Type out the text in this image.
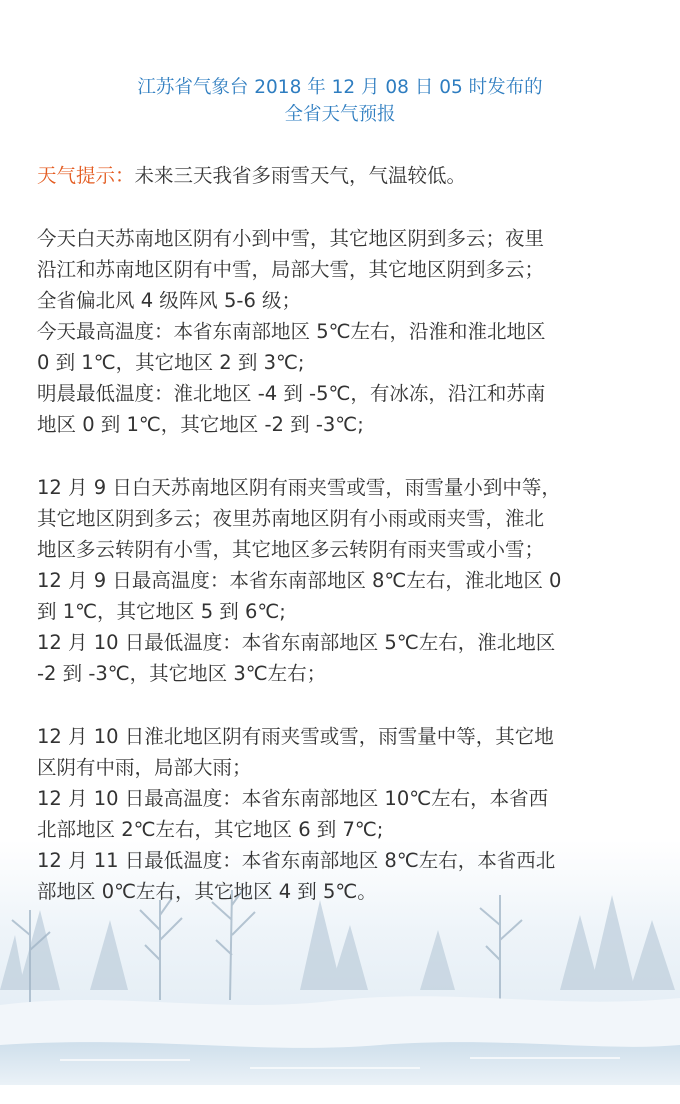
江苏省气象台 2018 年 12 月 08 日 05 时发布的
全省天气预报
天气提示：未来三天我省多雨雪天气，气温较低。
今天白天苏南地区阴有小到中雪，其它地区阴到多云；夜里
沿江和苏南地区阴有中雪，局部大雪，其它地区阴到多云；
全省偏北风 4 级阵风 5-6 级；
今天最高温度：本省东南部地区 5℃左右，沿淮和淮北地区
0 到 1℃，其它地区 2 到 3℃;
明晨最低温度：淮北地区 -4 到 -5℃，有冰冻，沿江和苏南
地区 0 到 1℃，其它地区 -2 到 -3℃;
12 月 9 日白天苏南地区阴有雨夹雪或雪，雨雪量小到中等，
其它地区阴到多云；夜里苏南地区阴有小雨或雨夹雪，淮北
地区多云转阴有小雪，其它地区多云转阴有雨夹雪或小雪；
12 月 9 日最高温度：本省东南部地区 8℃左右，淮北地区 0
到 1℃，其它地区 5 到 6℃;
12 月 10 日最低温度：本省东南部地区 5℃左右，淮北地区
-2 到 -3℃，其它地区 3℃左右；
12 月 10 日淮北地区阴有雨夹雪或雪，雨雪量中等，其它地
区阴有中雨，局部大雨；
12 月 10 日最高温度：本省东南部地区 10℃左右，本省西
北部地区 2℃左右，其它地区 6 到 7℃;
12 月 11 日最低温度：本省东南部地区 8℃左右，本省西北
部地区 0℃左右，其它地区 4 到 5℃。
